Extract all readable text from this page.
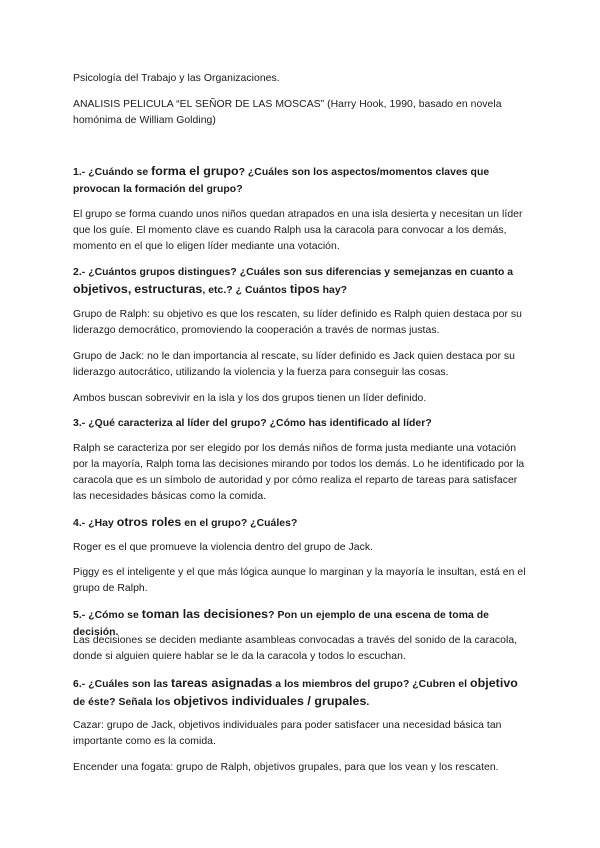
Psicología del Trabajo y las Organizaciones.

ANALISIS PELICULA “EL SEÑOR DE LAS MOSCAS” (Harry Hook, 1990, basado en novela homónima de William Golding)

1.- ¿Cuándo se forma el grupo? ¿Cuáles son los aspectos/momentos claves que provocan la formación del grupo?

El grupo se forma cuando unos niños quedan atrapados en una isla desierta y necesitan un líder que los guíe. El momento clave es cuando Ralph usa la caracola para convocar a los demás, momento en el que lo eligen líder mediante una votación.

2.- ¿Cuántos grupos distingues? ¿Cuáles son sus diferencias y semejanzas en cuanto a objetivos, estructuras, etc.? ¿ Cuántos tipos hay?

Grupo de Ralph: su objetivo es que los rescaten, su líder definido es Ralph quien destaca por su liderazgo democrático, promoviendo la cooperación a través de normas justas.

Grupo de Jack: no le dan importancia al rescate, su líder definido es Jack quien destaca por su liderazgo autocrático, utilizando la violencia y la fuerza para conseguir las cosas.

Ambos buscan sobrevivir en la isla y los dos grupos tienen un líder definido.

3.- ¿Qué caracteriza al líder del grupo? ¿Cómo has identificado al líder?

Ralph se caracteriza por ser elegido por los demás niños de forma justa mediante una votación por la mayoría, Ralph toma las decisiones mirando por todos los demás. Lo he identificado por la caracola que es un símbolo de autoridad y por cómo realiza el reparto de tareas para satisfacer las necesidades básicas como la comida.

4.- ¿Hay otros roles en el grupo? ¿Cuáles?

Roger es el que promueve la violencia dentro del grupo de Jack.

Piggy es el inteligente y el que más lógica aunque lo marginan y la mayoría le insultan, está en el grupo de Ralph.

5.- ¿Cómo se toman las decisiones? Pon un ejemplo de una escena de toma de decisión.

Las decisiones se deciden mediante asambleas convocadas a través del sonido de la caracola, donde si alguien quiere hablar se le da la caracola y todos lo escuchan.

6.- ¿Cuáles son las tareas asignadas a los miembros del grupo? ¿Cubren el objetivo de éste? Señala los objetivos individuales / grupales.

Cazar: grupo de Jack, objetivos individuales para poder satisfacer una necesidad básica tan importante como es la comida.

Encender una fogata: grupo de Ralph, objetivos grupales, para que los vean y los rescaten.
